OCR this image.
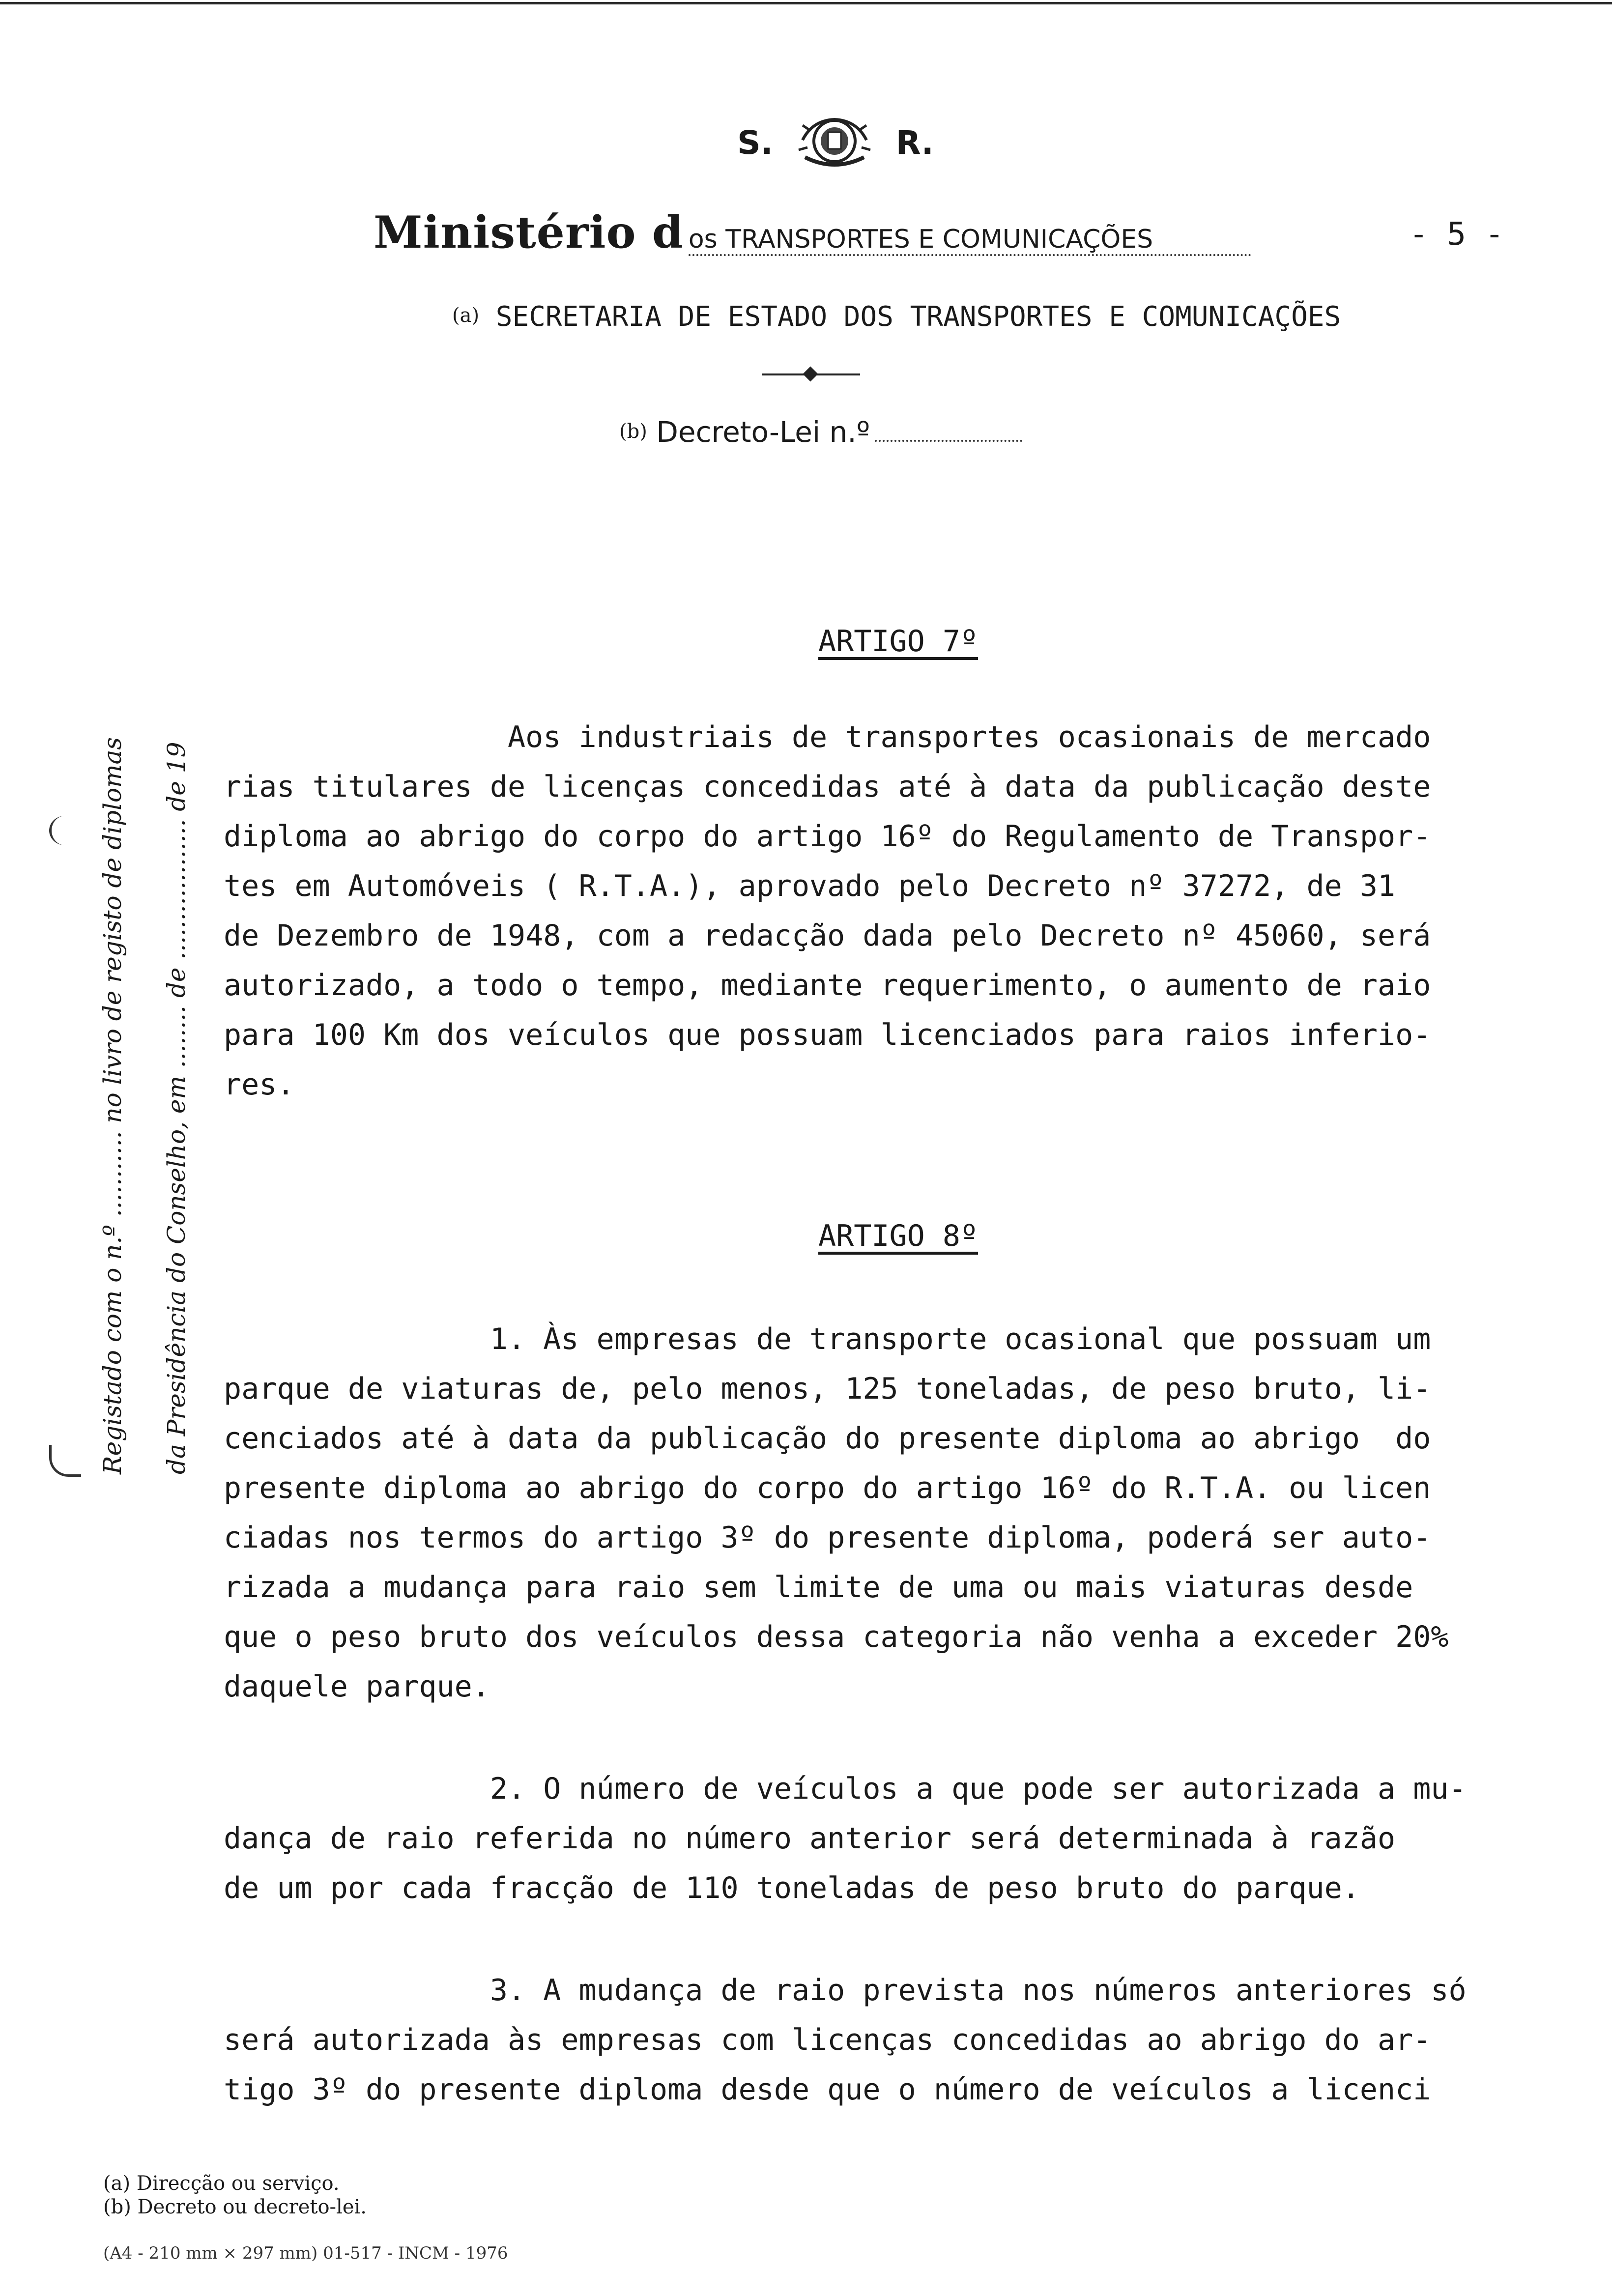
S.	R.
Ministério d os TRANSPORTES E COMUNICAÇÕES	- 5 -
(a) SECRETARIA DE ESTADO DOS TRANSPORTES E COMUNICAÇÕES
(b) Decreto-Lei n.º
Registado com o n.º ........... no livro de registo de diplomas da Presidência do Conselho, em ........ de .................. de 19
ARTIGO 7º
Aos industriais de transportes ocasionais de mercado
rias titulares de licenças concedidas até à data da publicação deste
diploma ao abrigo do corpo do artigo 16º do Regulamento de Transpor-
tes em Automóveis ( R.T.A.), aprovado pelo Decreto nº 37272, de 31
de Dezembro de 1948, com a redacção dada pelo Decreto nº 45060, será
autorizado, a todo o tempo, mediante requerimento, o aumento de raio
para 100 Km dos veículos que possuam licenciados para raios inferio-
res.
ARTIGO 8º
1. Às empresas de transporte ocasional que possuam um
parque de viaturas de, pelo menos, 125 toneladas, de peso bruto, li-
cenciados até à data da publicação do presente diploma ao abrigo  do
presente diploma ao abrigo do corpo do artigo 16º do R.T.A. ou licen
ciadas nos termos do artigo 3º do presente diploma, poderá ser auto-
rizada a mudança para raio sem limite de uma ou mais viaturas desde
que o peso bruto dos veículos dessa categoria não venha a exceder 20%
daquele parque.
2. O número de veículos a que pode ser autorizada a mu-
dança de raio referida no número anterior será determinada à razão
de um por cada fracção de 110 toneladas de peso bruto do parque.
3. A mudança de raio prevista nos números anteriores só
será autorizada às empresas com licenças concedidas ao abrigo do ar-
tigo 3º do presente diploma desde que o número de veículos a licenci
(a) Direcção ou serviço.
(b) Decreto ou decreto-lei.
(A4 - 210 mm × 297 mm) 01-517 - INCM - 1976
